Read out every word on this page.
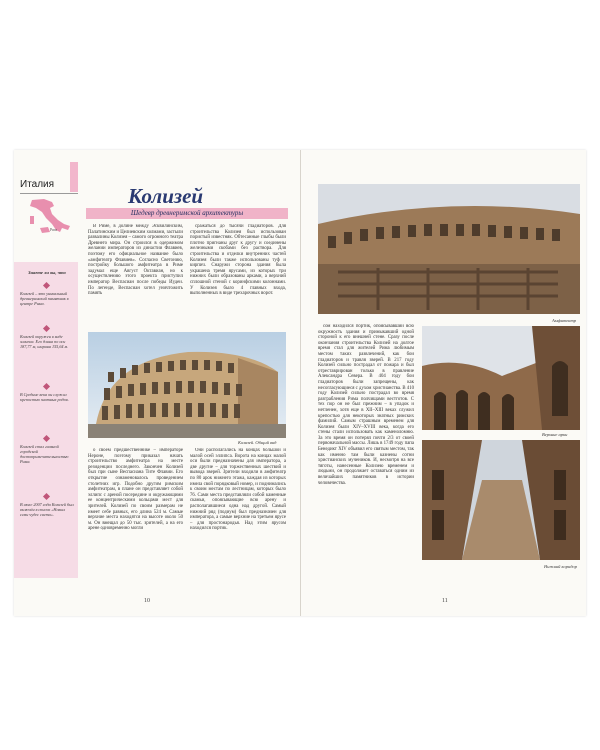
Италия
Рим
Знаете ли вы, что
Колизей – это уникальный древнеримский памятник в центре Рима.
Колизей окружен в виде эллипса. Его длина по оси 187,77 м, ширина 155,64 м.
В Средние века он служил крепостью знатных родов.
Колизей стал главной городской достопримечательностью Рима.
В июле 2007 года Колизей был включён в список «Новых семи чудес света».
Колизей
Шедевр древнеримской архитектуры

В Риме, в долине между Эсквилинским, Палатинским и Целиевским холмами, застыли развалины Колизея – самого огромного театра Древнего мира. Он строился в одержимом желании императоров из династии Флавиев, поэтому его официальное название было «амфитеатр Флавиев». Согласно Светонию, постройку большого амфитеатра в Риме задумал еще Август Октавиан, но к осуществлению этого проекта приступил император Веспасиан после победы Иудеи. По легенде, Веспасиан хотел уничтожить память

сражаться до тысячи гладиаторов. Для строительства Колизея был использован пористый известняк. Обтесанные глыбы были плотно пригнаны друг к другу и соединены железными скобами без раствора. Для строительства и отделки внутренних частей Колизея были также использованы туф и кирпич. Снаружи сторона здания была украшена тремя ярусами, из которых три нижних были образованы арками, а верхний сплошной стеной с коринфскими колоннами. У Колизея было 4 главных входа, выполненных в виде трехарочных ворот.

Колизей. Общий вид

о своем предшественнике – императоре Нероне, поэтому приказал начать строительство амфитеатра на месте резиденции последнего. Закончен Колизей был при сыне Веспасиана Тите Флавии. Его открытие ознаменовалось проведением столетних игр. Подобно другим римским амфитеатрам, в плане он представляет собой эллипс с ареной посередине и окружающими ее концентрическими кольцами мест для зрителей. Колизей по своим размерам не имеет себе равных, его длина 524 м. Самые верхние места находятся на высоте около 50 м. Он вмещал до 50 тыс. зрителей, а на его арене одновременно могли

Они располагались на концах большой и малой осей эллипса. Ворота на концах малой оси были предназначены для императора, а две другие – для торжественных шествий и вывода зверей. Зрители входили в амфитеатр по 80 арок нижнего этажа, каждая из которых имела свой порядковый номер, и поднимались к своим местам по лестницам, которых было 76. Сами места представляли собой каменные скамьи, опоясывающие всю арену и располагавшиеся одна над другой. Самый нижний ряд (подиум) был предназначен для императора, а самые верхние на третьем ярусе – для простонародья. Над этим ярусом находился портик.

10
Амфитеатр

сом находился портик, опоясывавший всю окружность здания и примыкавший одной стороной к его внешней стене. Сразу после окончания строительства Колизей на долгое время стал для жителей Рима любимым местом таких развлечений, как бои гладиаторов и травля зверей. В 217 году Колизей сильно пострадал от пожара и был отреставрирован только в правление Александра Севера. В 404 году бои гладиаторов были запрещены, как несогласующиеся с духом христианства. В 410 году Колизей сильно пострадал во время разграбления Рима полчищами вестготов. С тех пор он не был прежним – в упадок и нетленен, хотя еще в XII–XIII веках служил крепостью для некоторых знатных римских фамилий. Самым страшным временем для Колизея были XIV–XVIII века, когда его стены стали использовать как каменоломню. За это время он потерял почти 2/3 от своей первоначальной массы. Лишь в 1749 году папа Бенедикт XIV объявил его святым местом, так как именно там были казнены сотни христианских мучеников. И, несмотря на все тяготы, нанесенные Колизею временем и людьми, он продолжает оставаться одним из величайших памятников в истории человечества.

Верхние арки
Нижний коридор
11
